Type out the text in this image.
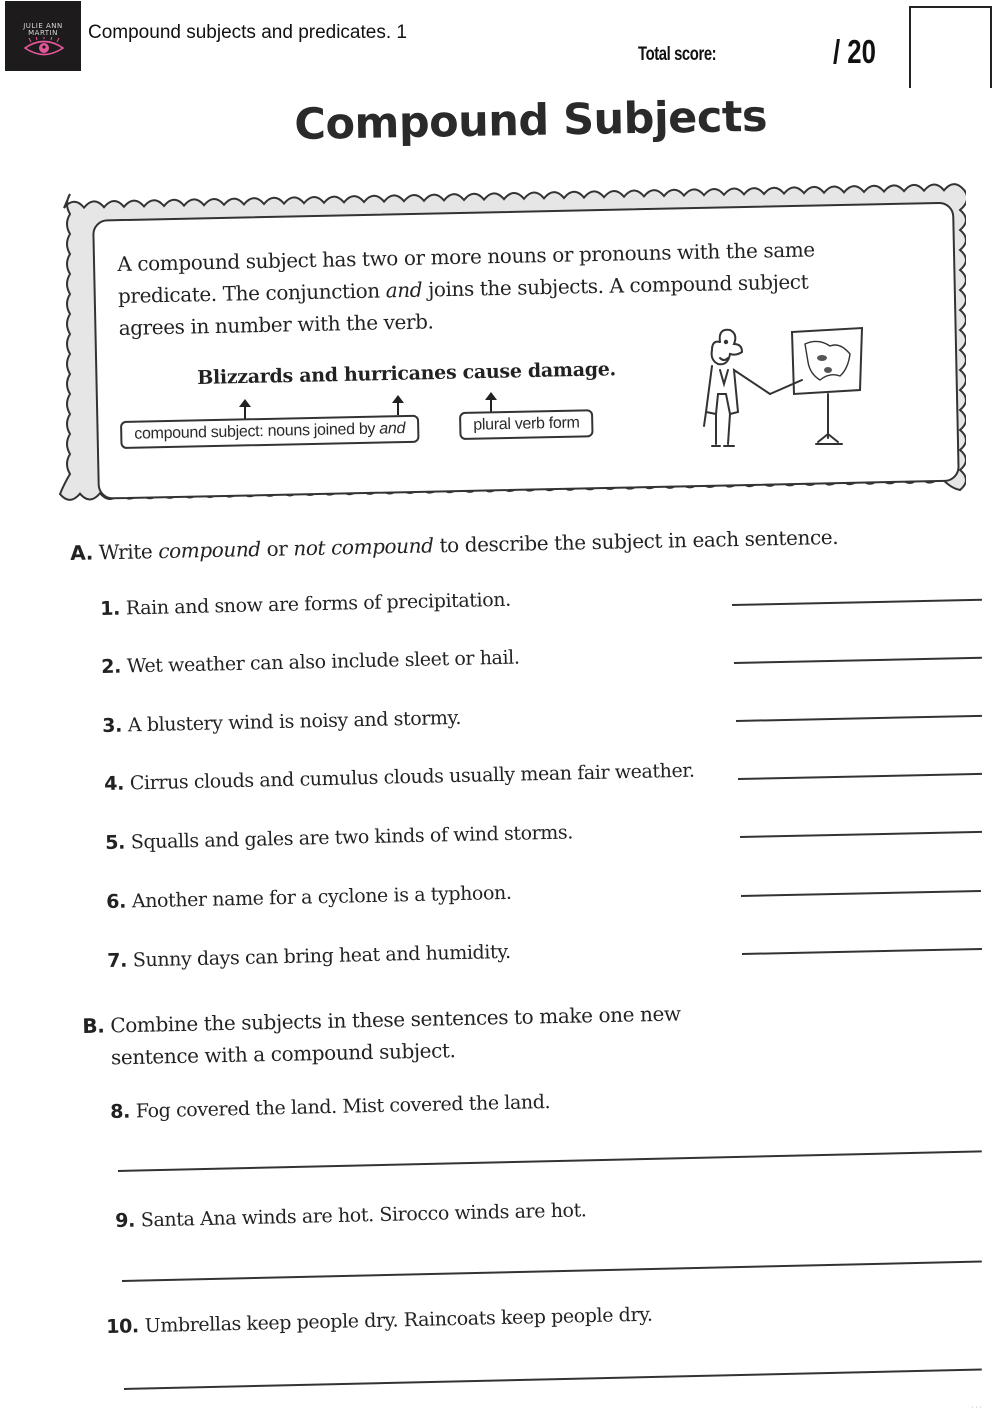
JULIE ANN
MARTIN	Compound subjects and predicates. 1
Total score:	/ 20
Compound Subjects
A compound subject has two or more nouns or pronouns with the same
predicate. The conjunction and joins the subjects. A compound subject
agrees in number with the verb.
Blizzards and hurricanes cause damage.
compound subject: nouns joined by and	plural verb form
A. Write compound or not compound to describe the subject in each sentence.
1. Rain and snow are forms of precipitation.
2. Wet weather can also include sleet or hail.
3. A blustery wind is noisy and stormy.
4. Cirrus clouds and cumulus clouds usually mean fair weather.
5. Squalls and gales are two kinds of wind storms.
6. Another name for a cyclone is a typhoon.
7. Sunny days can bring heat and humidity.
B. Combine the subjects in these sentences to make one new
sentence with a compound subject.
8. Fog covered the land. Mist covered the land.
9. Santa Ana winds are hot. Sirocco winds are hot.
10. Umbrellas keep people dry. Raincoats keep people dry.
· · ·
